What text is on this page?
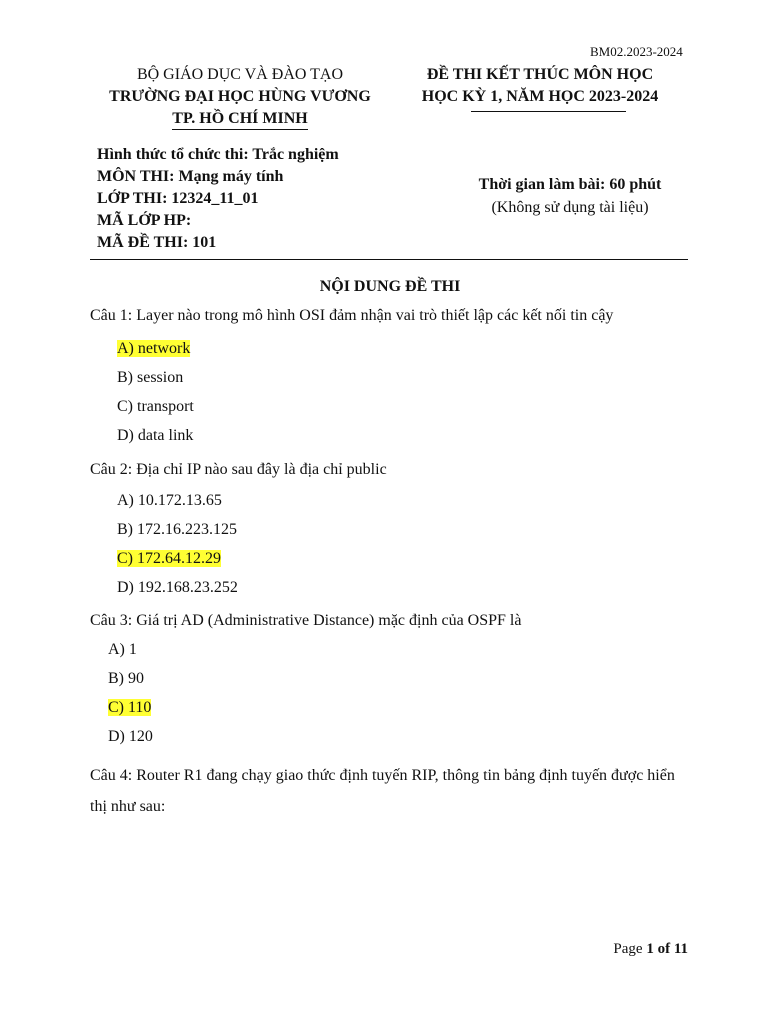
BM02.2023-2024
BỘ GIÁO DỤC VÀ ĐÀO TẠO
TRƯỜNG ĐẠI HỌC HÙNG VƯƠNG
TP. HỒ CHÍ MINH
ĐỀ THI KẾT THÚC MÔN HỌC
HỌC KỲ 1, NĂM HỌC 2023-2024
Hình thức tổ chức thi: Trắc nghiệm
MÔN THI: Mạng máy tính
LỚP THI: 12324_11_01
MÃ LỚP HP:
MÃ ĐỀ THI: 101
Thời gian làm bài: 60 phút
(Không sử dụng tài liệu)
NỘI DUNG ĐỀ THI
Câu 1: Layer nào trong mô hình OSI đảm nhận vai trò thiết lập các kết nối tin cậy
A) network
B) session
C) transport
D) data link
Câu 2: Địa chỉ IP nào sau đây là địa chỉ public
A) 10.172.13.65
B) 172.16.223.125
C) 172.64.12.29
D) 192.168.23.252
Câu 3: Giá trị AD (Administrative Distance) mặc định của OSPF là
A) 1
B) 90
C) 110
D) 120
Câu 4: Router R1 đang chạy giao thức định tuyến RIP, thông tin bảng định tuyến được hiển
thị như sau:
Page 1 of 11
